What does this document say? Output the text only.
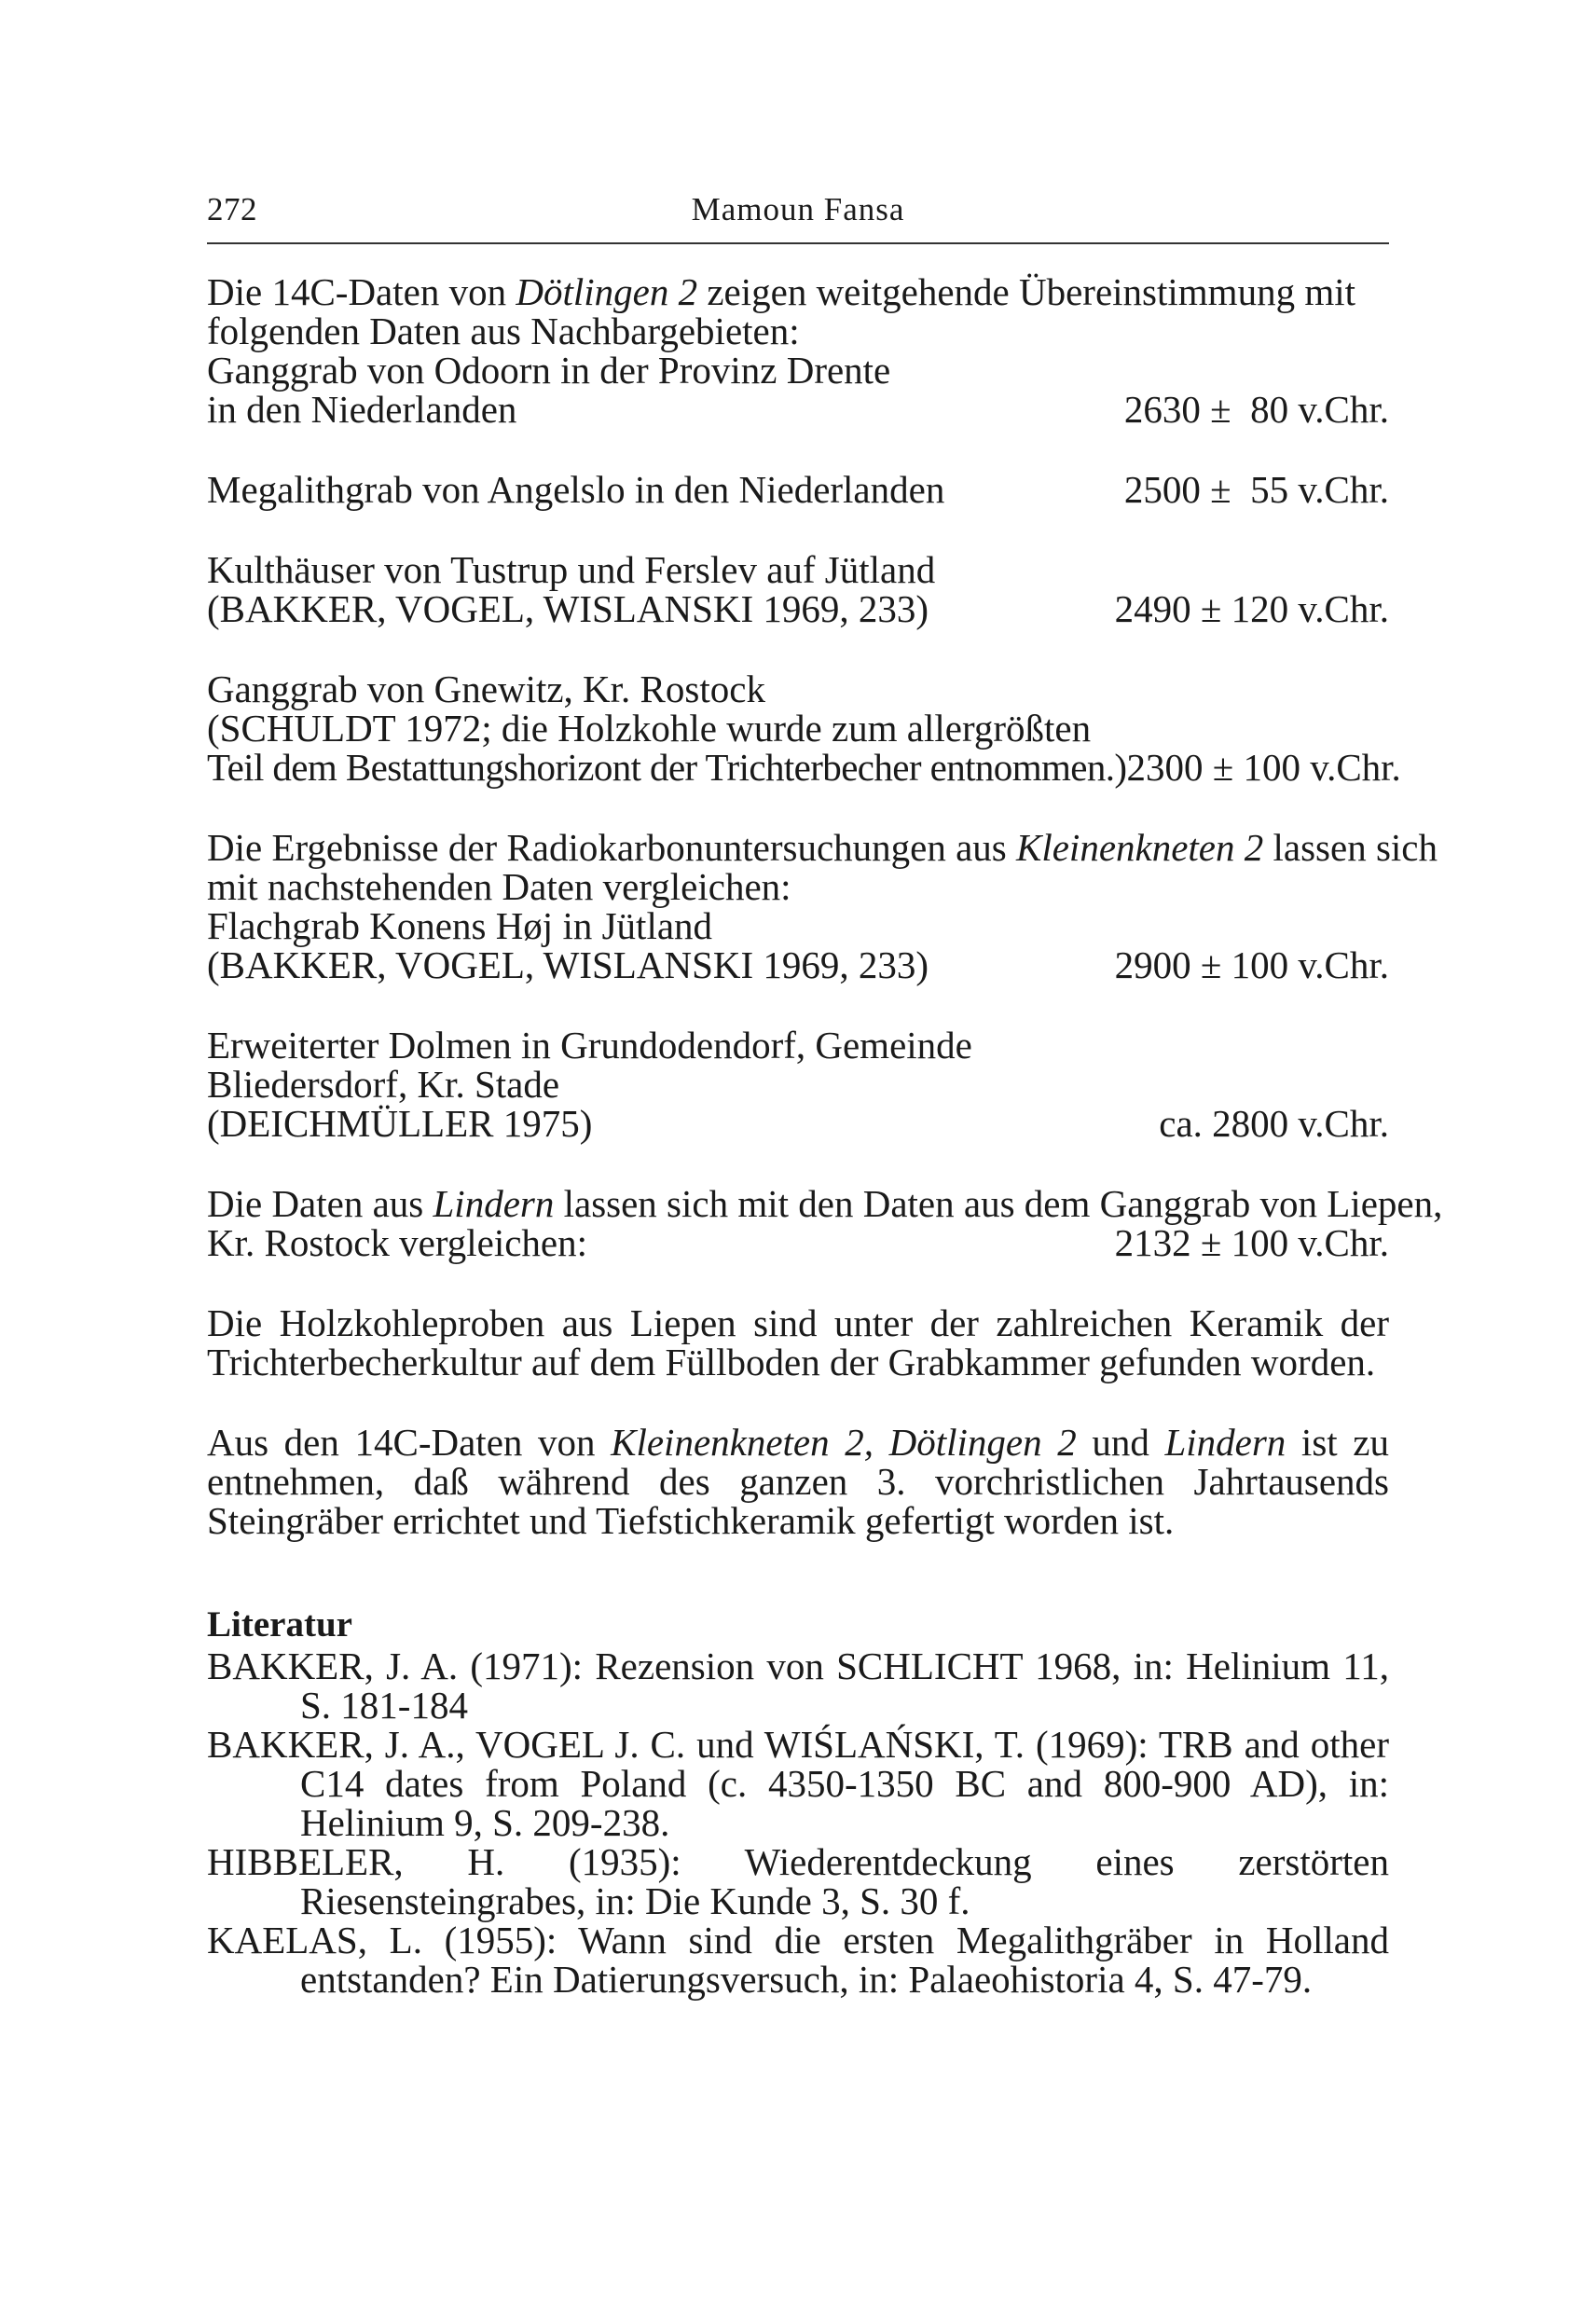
272	Mamoun Fansa
Die 14C-Daten von Dötlingen 2 zeigen weitgehende Übereinstimmung mit
folgenden Daten aus Nachbargebieten:
Ganggrab von Odoorn in der Provinz Drente
in den Niederlanden	2630 ±  80 v.Chr.
Megalithgrab von Angelslo in den Niederlanden	2500 ±  55 v.Chr.
Kulthäuser von Tustrup und Ferslev auf Jütland
(BAKKER, VOGEL, WISLANSKI 1969, 233)	2490 ± 120 v.Chr.
Ganggrab von Gnewitz, Kr. Rostock
(SCHULDT 1972; die Holzkohle wurde zum allergrößten
Teil dem Bestattungshorizont der Trichterbecher entnommen.) 2300 ± 100 v.Chr.
Die Ergebnisse der Radiokarbonuntersuchungen aus Kleinenkneten 2 lassen sich
mit nachstehenden Daten vergleichen:
Flachgrab Konens Høj in Jütland
(BAKKER, VOGEL, WISLANSKI 1969, 233)	2900 ± 100 v.Chr.
Erweiterter Dolmen in Grundodendorf, Gemeinde
Bliedersdorf, Kr. Stade
(DEICHMÜLLER 1975)	ca. 2800 v.Chr.
Die Daten aus Lindern lassen sich mit den Daten aus dem Ganggrab von Liepen,
Kr. Rostock vergleichen:	2132 ± 100 v.Chr.
Die Holzkohleproben aus Liepen sind unter der zahlreichen Keramik der Trichterbecherkultur auf dem Füllboden der Grabkammer gefunden worden.
Aus den 14C-Daten von Kleinenkneten 2, Dötlingen 2 und Lindern ist zu entnehmen, daß während des ganzen 3. vorchristlichen Jahrtausends Steingräber errichtet und Tiefstichkeramik gefertigt worden ist.
Literatur
BAKKER, J. A. (1971): Rezension von SCHLICHT 1968, in: Helinium 11, S. 181-184
BAKKER, J. A., VOGEL J. C. und WIŚLAŃSKI, T. (1969): TRB and other C14 dates from Poland (c. 4350-1350 BC and 800-900 AD), in: Helinium 9, S. 209-238.
HIBBELER, H. (1935): Wiederentdeckung eines zerstörten Riesensteingrabes, in: Die Kunde 3, S. 30 f.
KAELAS, L. (1955): Wann sind die ersten Megalithgräber in Holland entstanden? Ein Datierungsversuch, in: Palaeohistoria 4, S. 47-79.
